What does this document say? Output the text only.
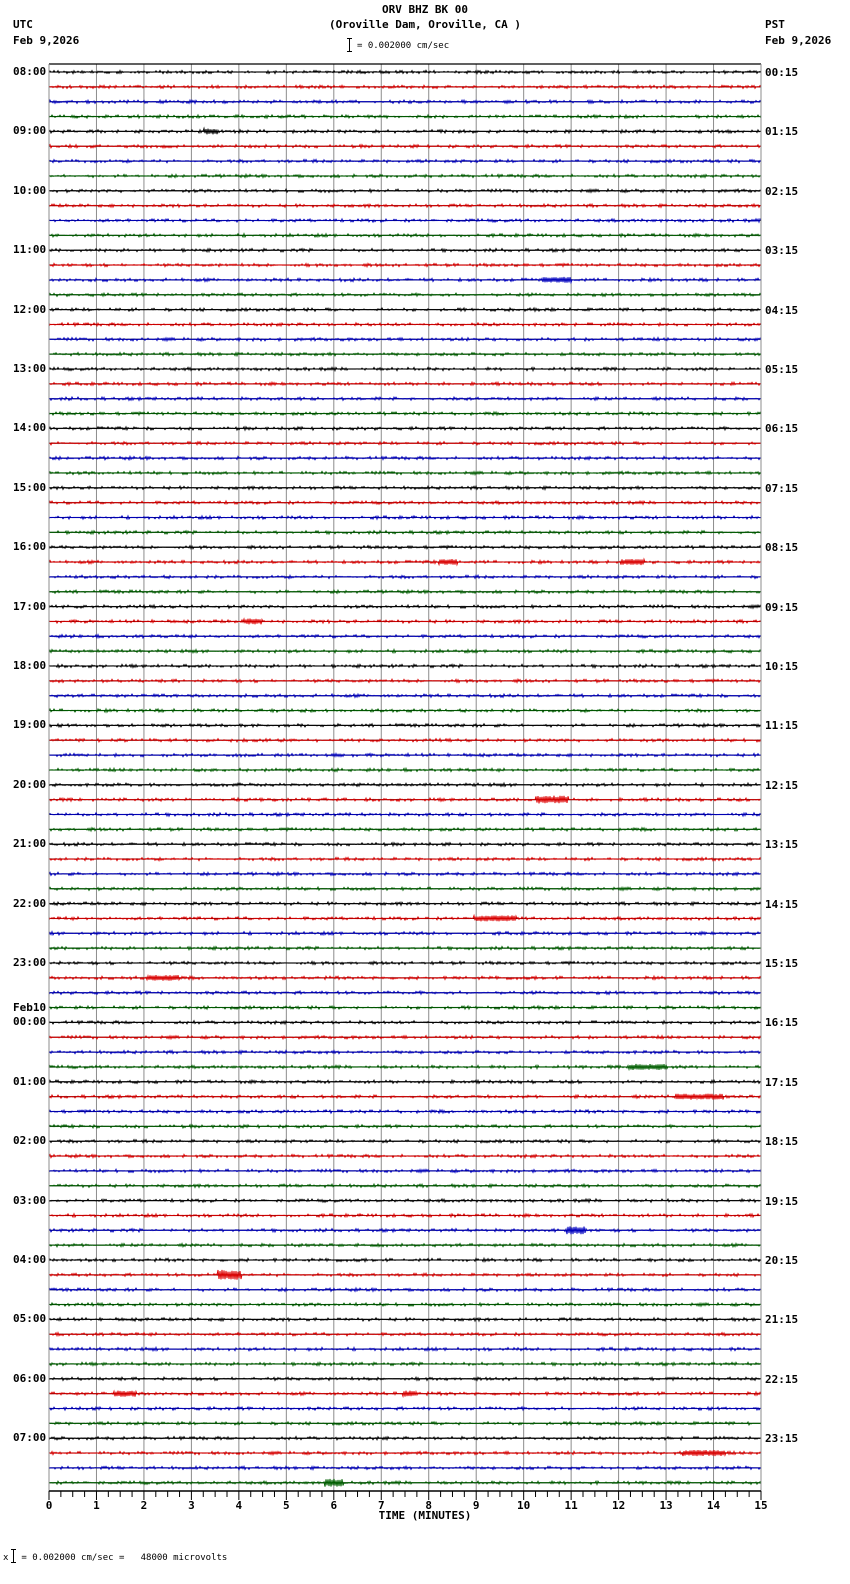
ORV BHZ BK 00
(Oroville Dam, Oroville, CA )
UTC
Feb 9,2026
PST
Feb 9,2026
= 0.002000 cm/sec
0	1	2	3	4	5	6	7	8	9	10	11	12	13	14	15
08:00
09:00
10:00
11:00
12:00
13:00
14:00
15:00
16:00
17:00
18:00
19:00
20:00
21:00
22:00
23:00
Feb10
00:00
01:00
02:00
03:00
04:00
05:00
06:00
07:00
00:15
01:15
02:15
03:15
04:15
05:15
06:15
07:15
08:15
09:15
10:15
11:15
12:15
13:15
14:15
15:15
16:15
17:15
18:15
19:15
20:15
21:15
22:15
23:15
TIME (MINUTES)
x = 0.002000 cm/sec =   48000 microvolts
